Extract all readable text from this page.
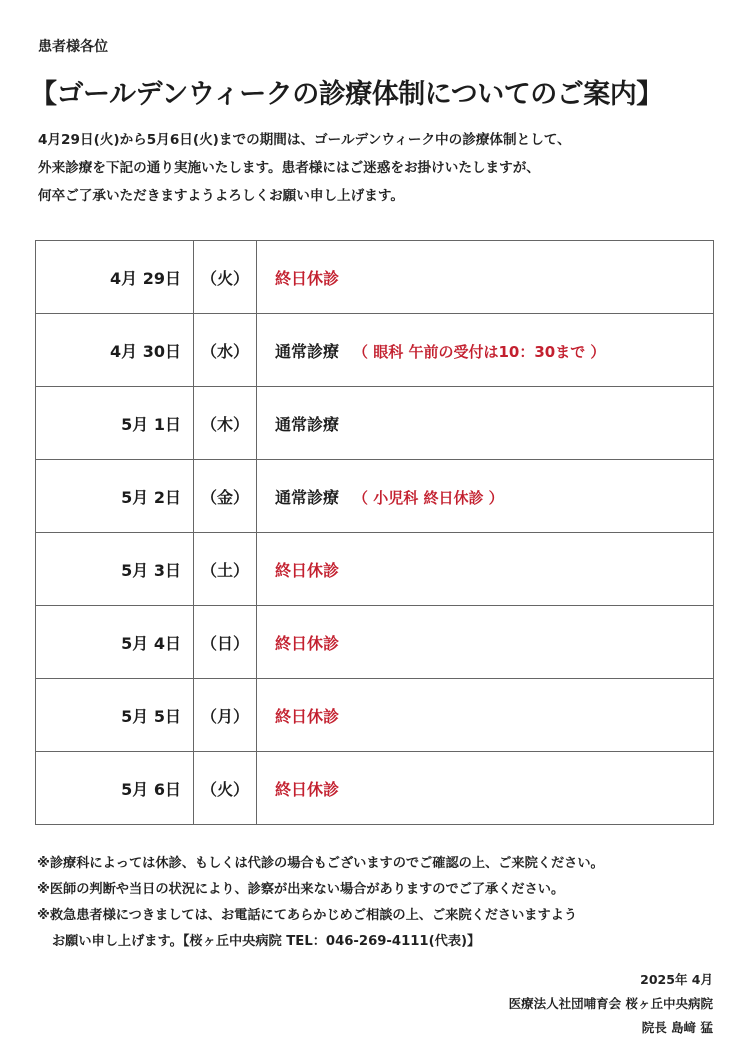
患者様各位
【ゴールデンウィークの診療体制についてのご案内】
4月29日(火)から5月6日(火)までの期間は、ゴールデンウィーク中の診療体制として、
外来診療を下記の通り実施いたします。患者様にはご迷惑をお掛けいたしますが、
何卒ご了承いただきますようよろしくお願い申し上げます。
4月 29日	（火）	終日休診
4月 30日	（水）	通常診療 （ 眼科 午前の受付は10：30まで ）
5月 1日	（木）	通常診療
5月 2日	（金）	通常診療 （ 小児科 終日休診 ）
5月 3日	（土）	終日休診
5月 4日	（日）	終日休診
5月 5日	（月）	終日休診
5月 6日	（火）	終日休診
※診療科によっては休診、もしくは代診の場合もございますのでご確認の上、ご来院ください。
※医師の判断や当日の状況により、診察が出来ない場合がありますのでご了承ください。
※救急患者様につきましては、お電話にてあらかじめご相談の上、ご来院くださいますよう
お願い申し上げます。【桜ヶ丘中央病院 TEL：046-269-4111(代表)】
2025年 4月
医療法人社団哺育会 桜ヶ丘中央病院
院長 島﨑 猛
